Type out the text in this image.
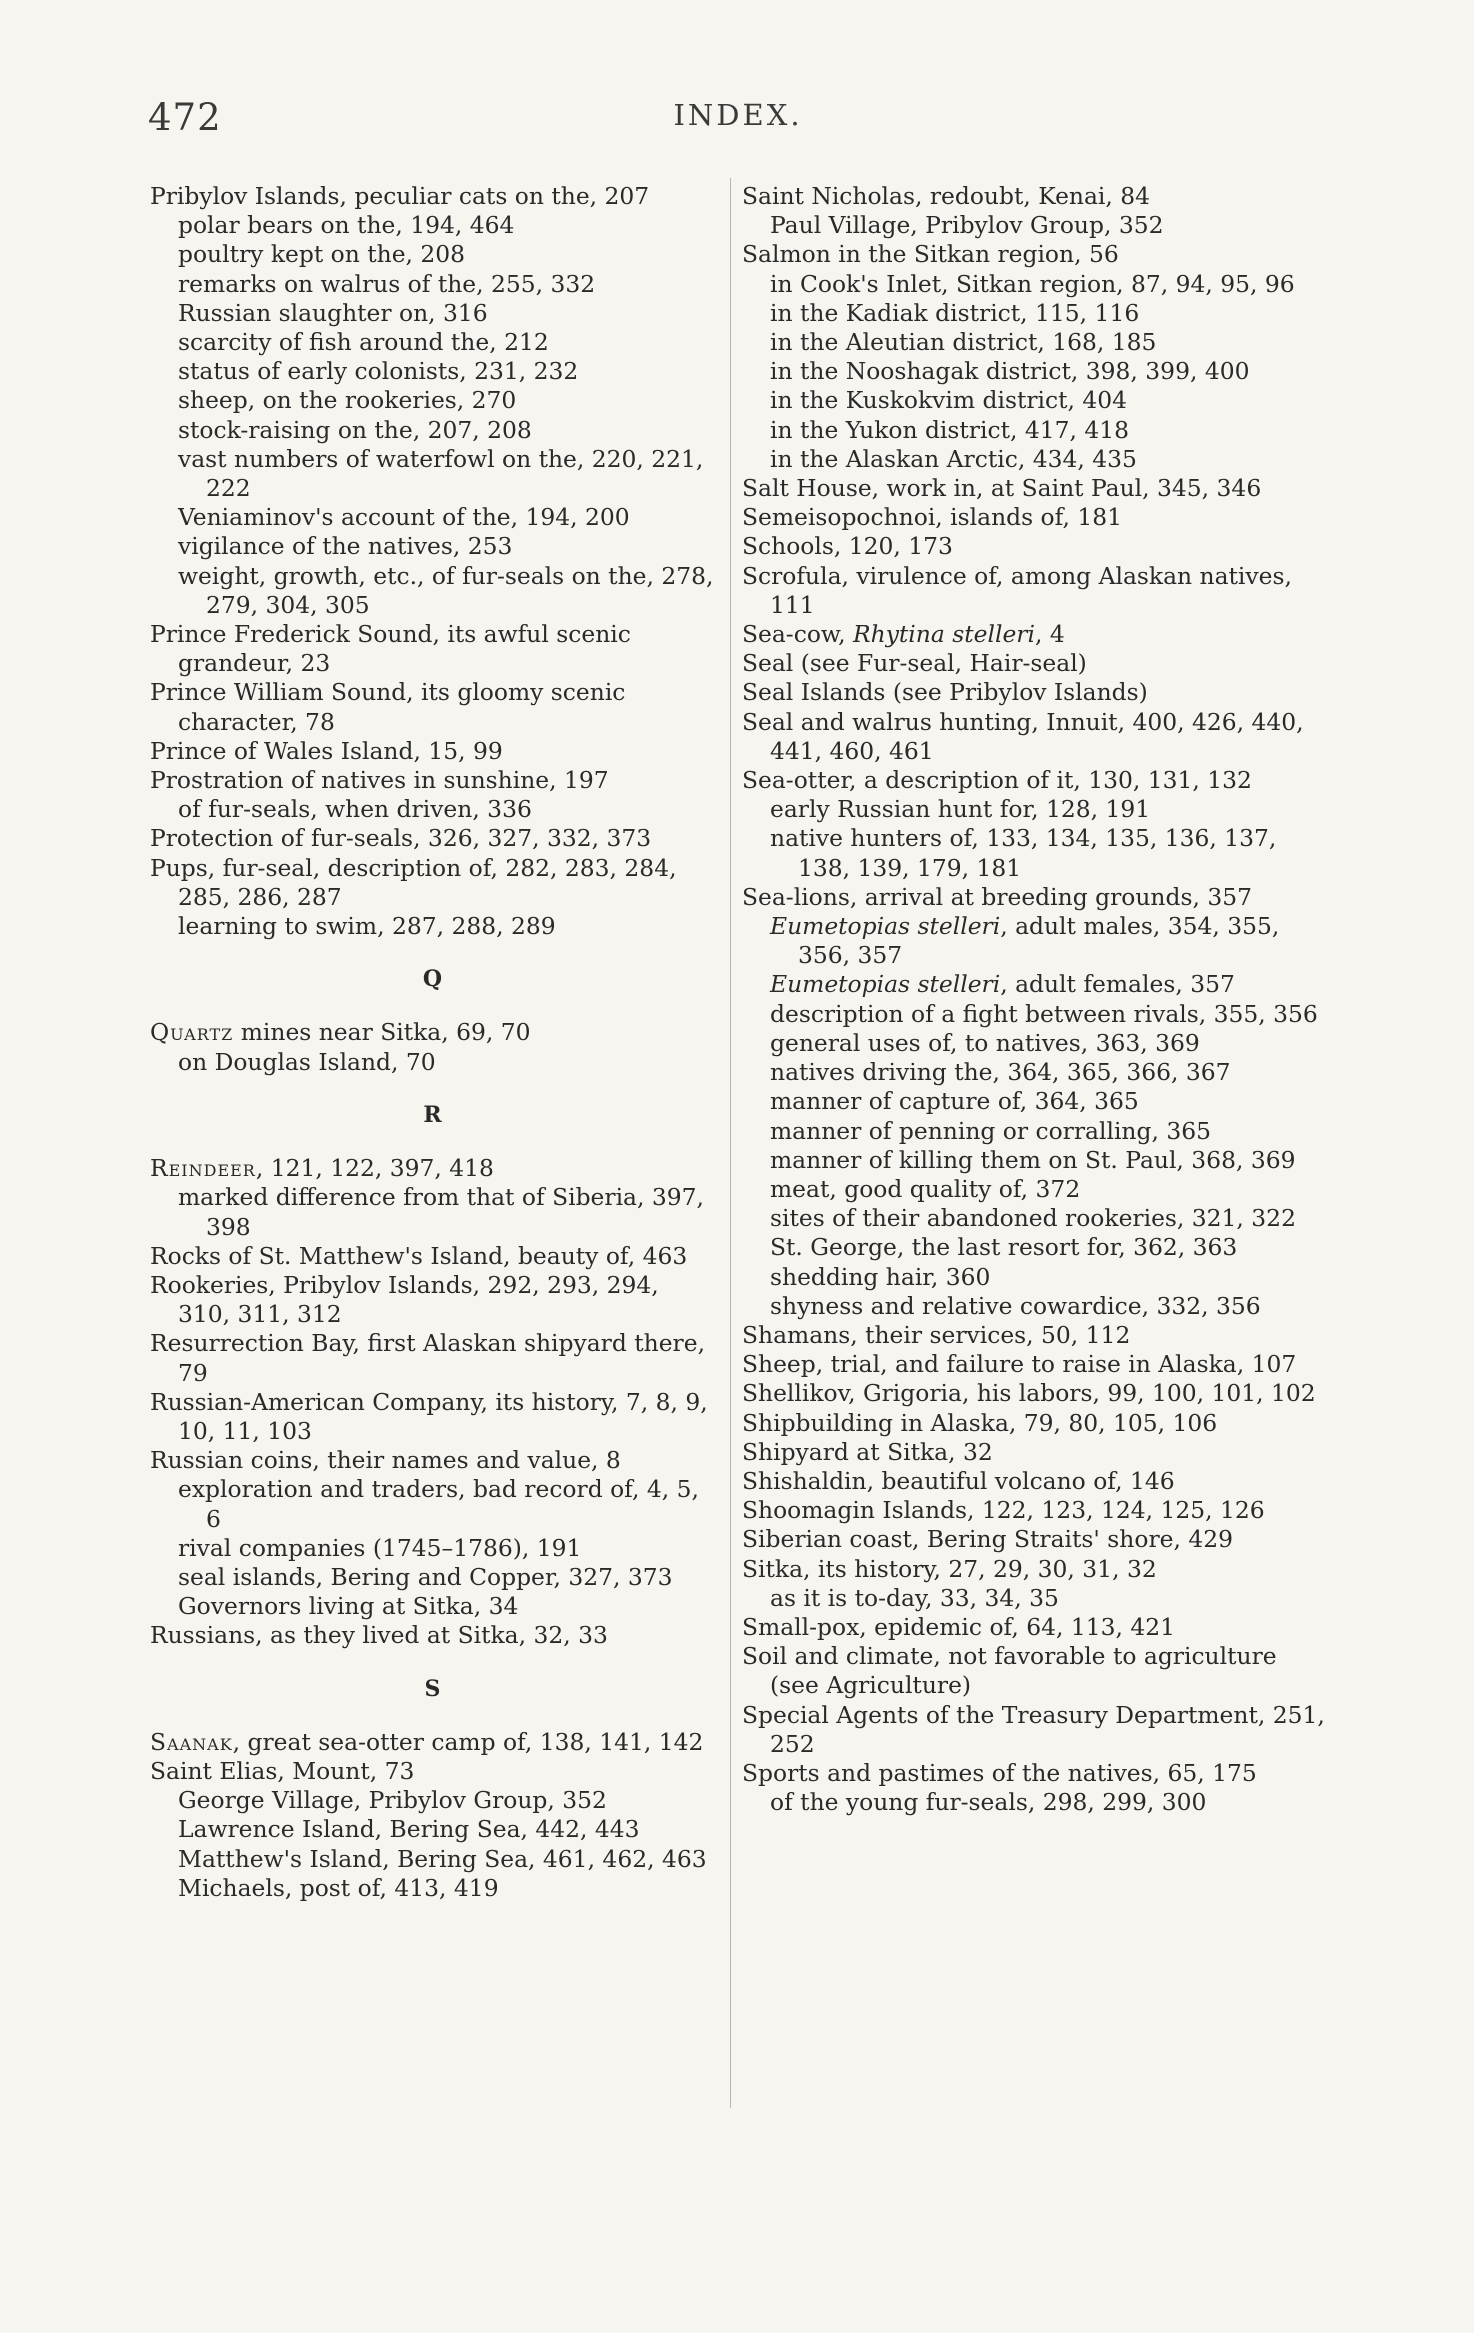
472	INDEX.

Pribylov Islands, peculiar cats on the, 207

polar bears on the, 194, 464

poultry kept on the, 208

remarks on walrus of the, 255, 332

Russian slaughter on, 316

scarcity of fish around the, 212

status of early colonists, 231, 232

sheep, on the rookeries, 270

stock-raising on the, 207, 208

vast numbers of waterfowl on the, 220, 221, 222

Veniaminov's account of the, 194, 200

vigilance of the natives, 253

weight, growth, etc., of fur-seals on the, 278, 279, 304, 305

Prince Frederick Sound, its awful scenic grandeur, 23

Prince William Sound, its gloomy scenic character, 78

Prince of Wales Island, 15, 99

Prostration of natives in sunshine, 197

of fur-seals, when driven, 336

Protection of fur-seals, 326, 327, 332, 373

Pups, fur-seal, description of, 282, 283, 284, 285, 286, 287

learning to swim, 287, 288, 289

Q

Quartz mines near Sitka, 69, 70

on Douglas Island, 70

R

Reindeer, 121, 122, 397, 418

marked difference from that of Siberia, 397, 398

Rocks of St. Matthew's Island, beauty of, 463

Rookeries, Pribylov Islands, 292, 293, 294, 310, 311, 312

Resurrection Bay, first Alaskan shipyard there, 79

Russian-American Company, its history, 7, 8, 9, 10, 11, 103

Russian coins, their names and value, 8

exploration and traders, bad record of, 4, 5, 6

rival companies (1745–1786), 191

seal islands, Bering and Copper, 327, 373

Governors living at Sitka, 34

Russians, as they lived at Sitka, 32, 33

S

Saanak, great sea-otter camp of, 138, 141, 142

Saint Elias, Mount, 73

George Village, Pribylov Group, 352

Lawrence Island, Bering Sea, 442, 443

Matthew's Island, Bering Sea, 461, 462, 463

Michaels, post of, 413, 419

Saint Nicholas, redoubt, Kenai, 84

Paul Village, Pribylov Group, 352

Salmon in the Sitkan region, 56

in Cook's Inlet, Sitkan region, 87, 94, 95, 96

in the Kadiak district, 115, 116

in the Aleutian district, 168, 185

in the Nooshagak district, 398, 399, 400

in the Kuskokvim district, 404

in the Yukon district, 417, 418

in the Alaskan Arctic, 434, 435

Salt House, work in, at Saint Paul, 345, 346

Semeisopochnoi, islands of, 181

Schools, 120, 173

Scrofula, virulence of, among Alaskan natives, 111

Sea-cow, Rhytina stelleri, 4

Seal (see Fur-seal, Hair-seal)

Seal Islands (see Pribylov Islands)

Seal and walrus hunting, Innuit, 400, 426, 440, 441, 460, 461

Sea-otter, a description of it, 130, 131, 132

early Russian hunt for, 128, 191

native hunters of, 133, 134, 135, 136, 137, 138, 139, 179, 181

Sea-lions, arrival at breeding grounds, 357

Eumetopias stelleri, adult males, 354, 355, 356, 357

Eumetopias stelleri, adult females, 357

description of a fight between rivals, 355, 356

general uses of, to natives, 363, 369

natives driving the, 364, 365, 366, 367

manner of capture of, 364, 365

manner of penning or corralling, 365

manner of killing them on St. Paul, 368, 369

meat, good quality of, 372

sites of their abandoned rookeries, 321, 322

St. George, the last resort for, 362, 363

shedding hair, 360

shyness and relative cowardice, 332, 356

Shamans, their services, 50, 112

Sheep, trial, and failure to raise in Alaska, 107

Shellikov, Grigoria, his labors, 99, 100, 101, 102

Shipbuilding in Alaska, 79, 80, 105, 106

Shipyard at Sitka, 32

Shishaldin, beautiful volcano of, 146

Shoomagin Islands, 122, 123, 124, 125, 126

Siberian coast, Bering Straits' shore, 429

Sitka, its history, 27, 29, 30, 31, 32

as it is to-day, 33, 34, 35

Small-pox, epidemic of, 64, 113, 421

Soil and climate, not favorable to agriculture (see Agriculture)

Special Agents of the Treasury Department, 251, 252

Sports and pastimes of the natives, 65, 175

of the young fur-seals, 298, 299, 300
